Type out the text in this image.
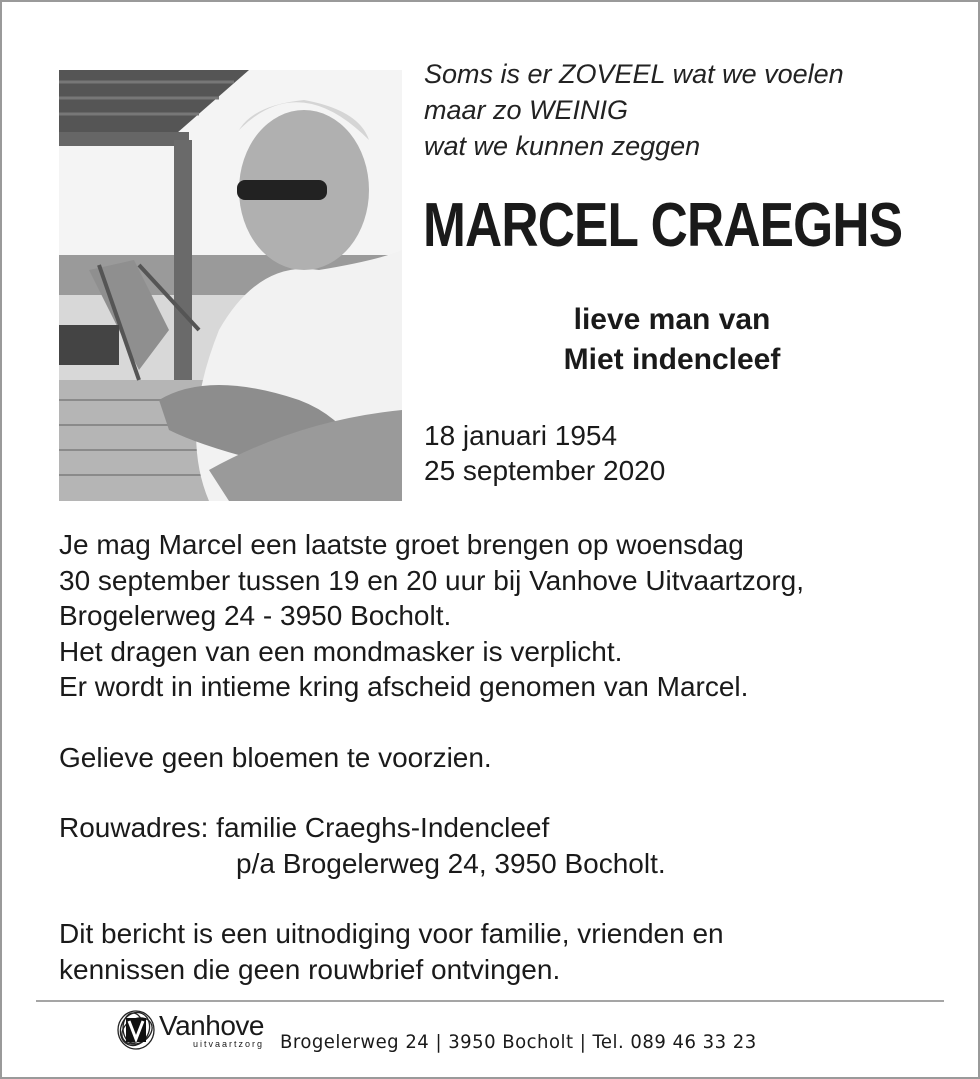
Soms is er ZOVEEL wat we voelen
maar zo WEINIG
wat we kunnen zeggen
MARCEL CRAEGHS
lieve man van
Miet indencleef
18 januari 1954
25 september 2020
Je mag Marcel een laatste groet brengen op woensdag
30 september tussen 19 en 20 uur bij Vanhove Uitvaartzorg,
Brogelerweg 24 - 3950 Bocholt.
Het dragen van een mondmasker is verplicht.
Er wordt in intieme kring afscheid genomen van Marcel.
Gelieve geen bloemen te voorzien.
Rouwadres: familie Craeghs-Indencleef
p/a Brogelerweg 24, 3950 Bocholt.
Dit bericht is een uitnodiging voor familie, vrienden en
kennissen die geen rouwbrief ontvingen.
Vanhove
uitvaartzorg Brogelerweg 24 | 3950 Bocholt | Tel. 089 46 33 23
